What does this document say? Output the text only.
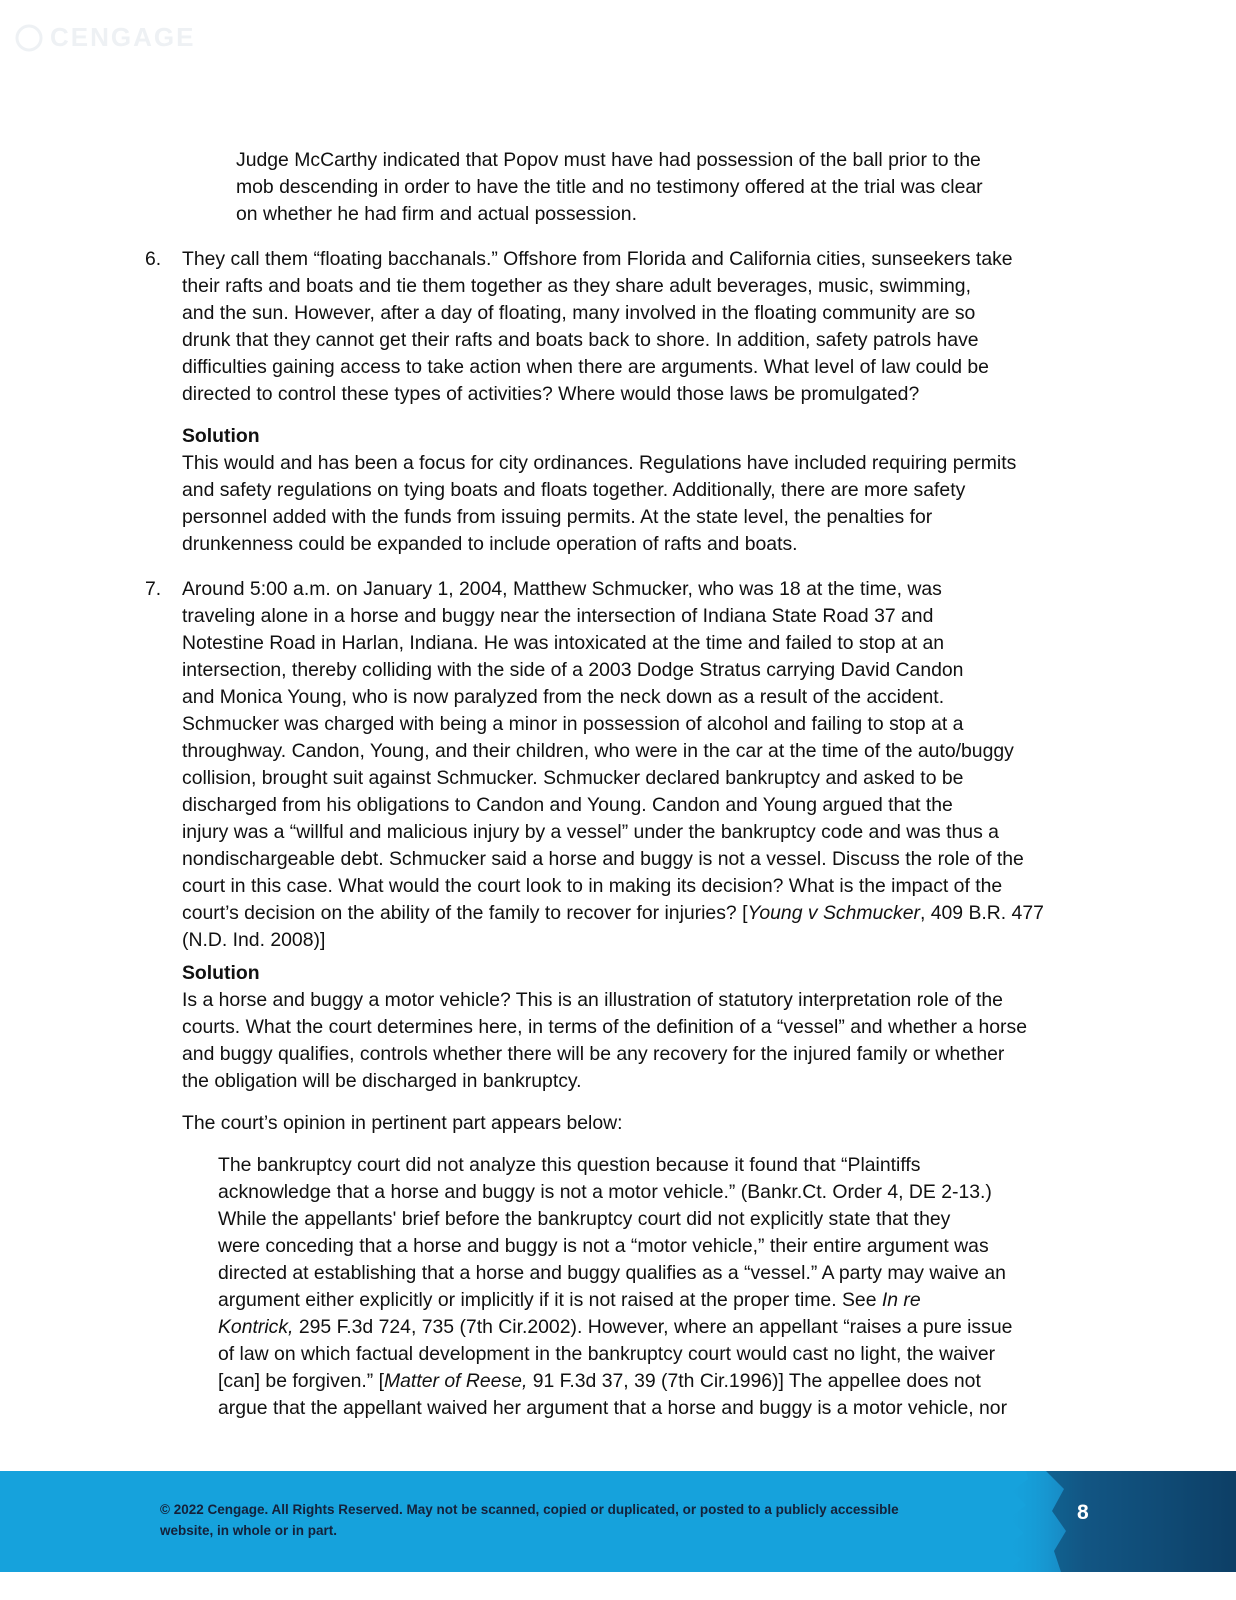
CENGAGE

Judge McCarthy indicated that Popov must have had possession of the ball prior to the

mob descending in order to have the title and no testimony offered at the trial was clear

on whether he had firm and actual possession.

6. They call them “floating bacchanals.” Offshore from Florida and California cities, sunseekers take

their rafts and boats and tie them together as they share adult beverages, music, swimming,

and the sun. However, after a day of floating, many involved in the floating community are so

drunk that they cannot get their rafts and boats back to shore. In addition, safety patrols have

difficulties gaining access to take action when there are arguments. What level of law could be

directed to control these types of activities? Where would those laws be promulgated?

Solution

This would and has been a focus for city ordinances. Regulations have included requiring permits

and safety regulations on tying boats and floats together. Additionally, there are more safety

personnel added with the funds from issuing permits. At the state level, the penalties for

drunkenness could be expanded to include operation of rafts and boats.

7. Around 5:00 a.m. on January 1, 2004, Matthew Schmucker, who was 18 at the time, was

traveling alone in a horse and buggy near the intersection of Indiana State Road 37 and

Notestine Road in Harlan, Indiana. He was intoxicated at the time and failed to stop at an

intersection, thereby colliding with the side of a 2003 Dodge Stratus carrying David Candon

and Monica Young, who is now paralyzed from the neck down as a result of the accident.

Schmucker was charged with being a minor in possession of alcohol and failing to stop at a

throughway. Candon, Young, and their children, who were in the car at the time of the auto/buggy

collision, brought suit against Schmucker. Schmucker declared bankruptcy and asked to be

discharged from his obligations to Candon and Young. Candon and Young argued that the

injury was a “willful and malicious injury by a vessel” under the bankruptcy code and was thus a

nondischargeable debt. Schmucker said a horse and buggy is not a vessel. Discuss the role of the

court in this case. What would the court look to in making its decision? What is the impact of the

court’s decision on the ability of the family to recover for injuries? [Young v Schmucker, 409 B.R. 477

(N.D. Ind. 2008)]

Solution

Is a horse and buggy a motor vehicle? This is an illustration of statutory interpretation role of the

courts. What the court determines here, in terms of the definition of a “vessel” and whether a horse

and buggy qualifies, controls whether there will be any recovery for the injured family or whether

the obligation will be discharged in bankruptcy.

The court’s opinion in pertinent part appears below:

The bankruptcy court did not analyze this question because it found that “Plaintiffs

acknowledge that a horse and buggy is not a motor vehicle.” (Bankr.Ct. Order 4, DE 2-13.)

While the appellants' brief before the bankruptcy court did not explicitly state that they

were conceding that a horse and buggy is not a “motor vehicle,” their entire argument was

directed at establishing that a horse and buggy qualifies as a “vessel.” A party may waive an

argument either explicitly or implicitly if it is not raised at the proper time. See In re

Kontrick, 295 F.3d 724, 735 (7th Cir.2002). However, where an appellant “raises a pure issue

of law on which factual development in the bankruptcy court would cast no light, the waiver

[can] be forgiven.” [Matter of Reese, 91 F.3d 37, 39 (7th Cir.1996)] The appellee does not

argue that the appellant waived her argument that a horse and buggy is a motor vehicle, nor

© 2022 Cengage. All Rights Reserved. May not be scanned, copied or duplicated, or posted to a publicly accessible
website, in whole or in part.
8
